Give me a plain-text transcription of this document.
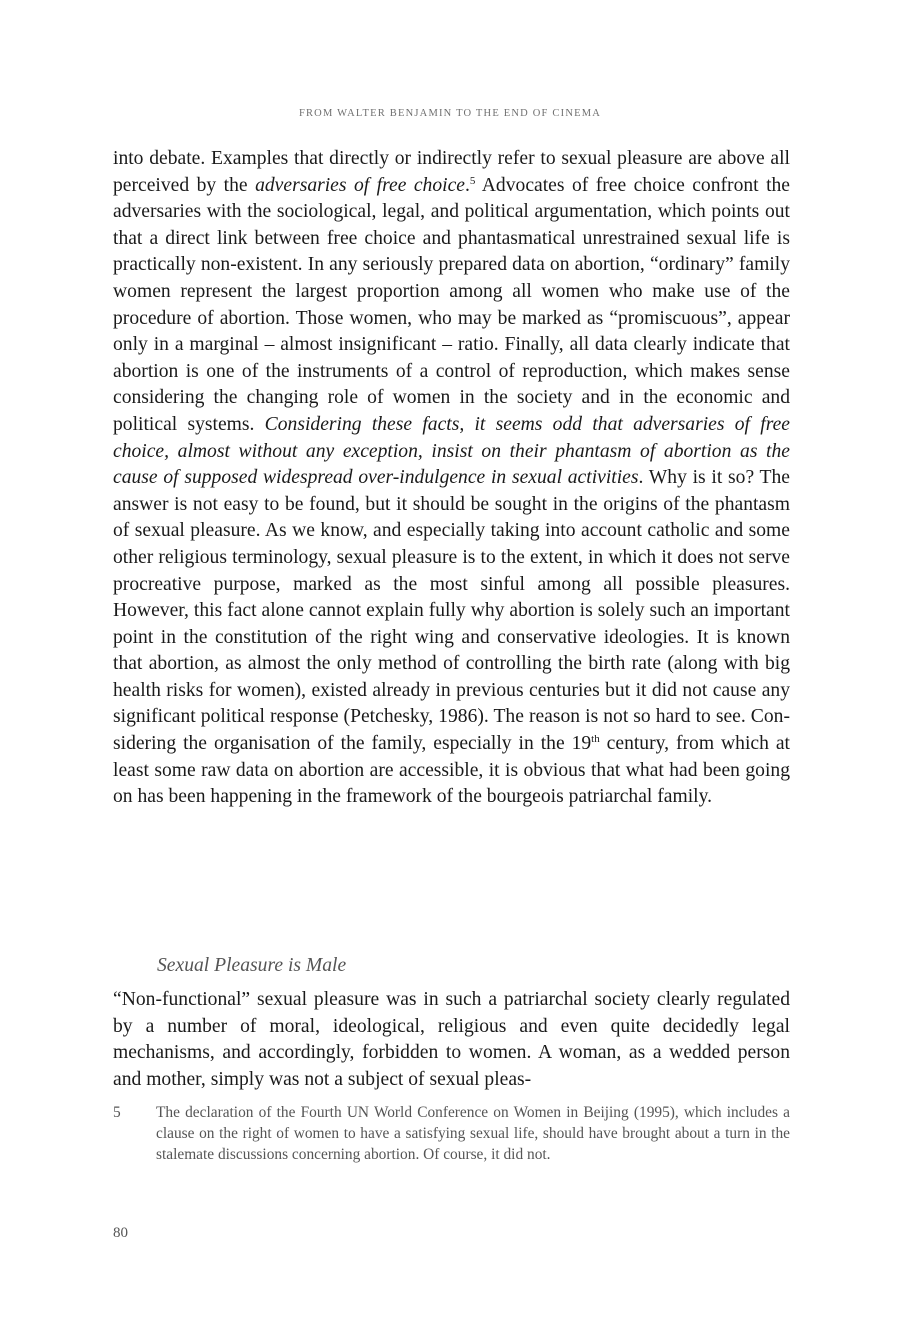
FROM WALTER BENJAMIN TO THE END OF CINEMA

into debate. Examples that directly or indirectly refer to sexual pleasure are above all perceived by the adversaries of free choice.$^5$ Advocates of free choice confront the adversaries with the sociological, legal, and political argumentation, which points out that a direct link between free choice and phantasmatical unrestrained sexual life is practically non-existent. In any seriously prepared data on abortion, “ordinary” family women represent the largest proportion among all women who make use of the procedure of abortion. Those women, who may be marked as “promiscuous”, appear only in a marginal – almost insignificant – ratio. Finally, all data clearly indicate that abortion is one of the instruments of a control of reproduction, which makes sense considering the changing role of women in the society and in the economic and political systems. Considering these facts, it seems odd that adversaries of free choice, almost without any exception, insist on their phantasm of abortion as the cause of supposed widespread over-indulgence in sexual activities. Why is it so? The answer is not easy to be found, but it should be sought in the origins of the phantasm of sexual pleasure. As we know, and especially taking into account catholic and some other religious terminology, sexual pleasure is to the extent, in which it does not serve procreative purpose, marked as the most sinful among all possible pleasures. However, this fact alone cannot explain fully why abortion is solely such an important point in the constitution of the right wing and conservative ideologies. It is known that abortion, as almost the only method of controlling the birth rate (along with big health risks for women), existed already in previous centuries but it did not cause any significant political response (Petchesky, 1986). The reason is not so hard to see. Considering the organisation of the family, especially in the 19th century, from which at least some raw data on abortion are accessible, it is obvious that what had been going on has been happening in the framework of the bourgeois patriarchal family.

Sexual Pleasure is Male
“Non-functional” sexual pleasure was in such a patriarchal society clearly regulated by a number of moral, ideological, religious and even quite decidedly legal mechanisms, and accordingly, forbidden to women. A woman, as a wedded person and mother, simply was not a subject of sexual pleas-
5 The declaration of the Fourth UN World Conference on Women in Beijing (1995), which includes a clause on the right of women to have a satisfying sexual life, should have brought about a turn in the stalemate discussions concerning abortion. Of course, it did not.
80
